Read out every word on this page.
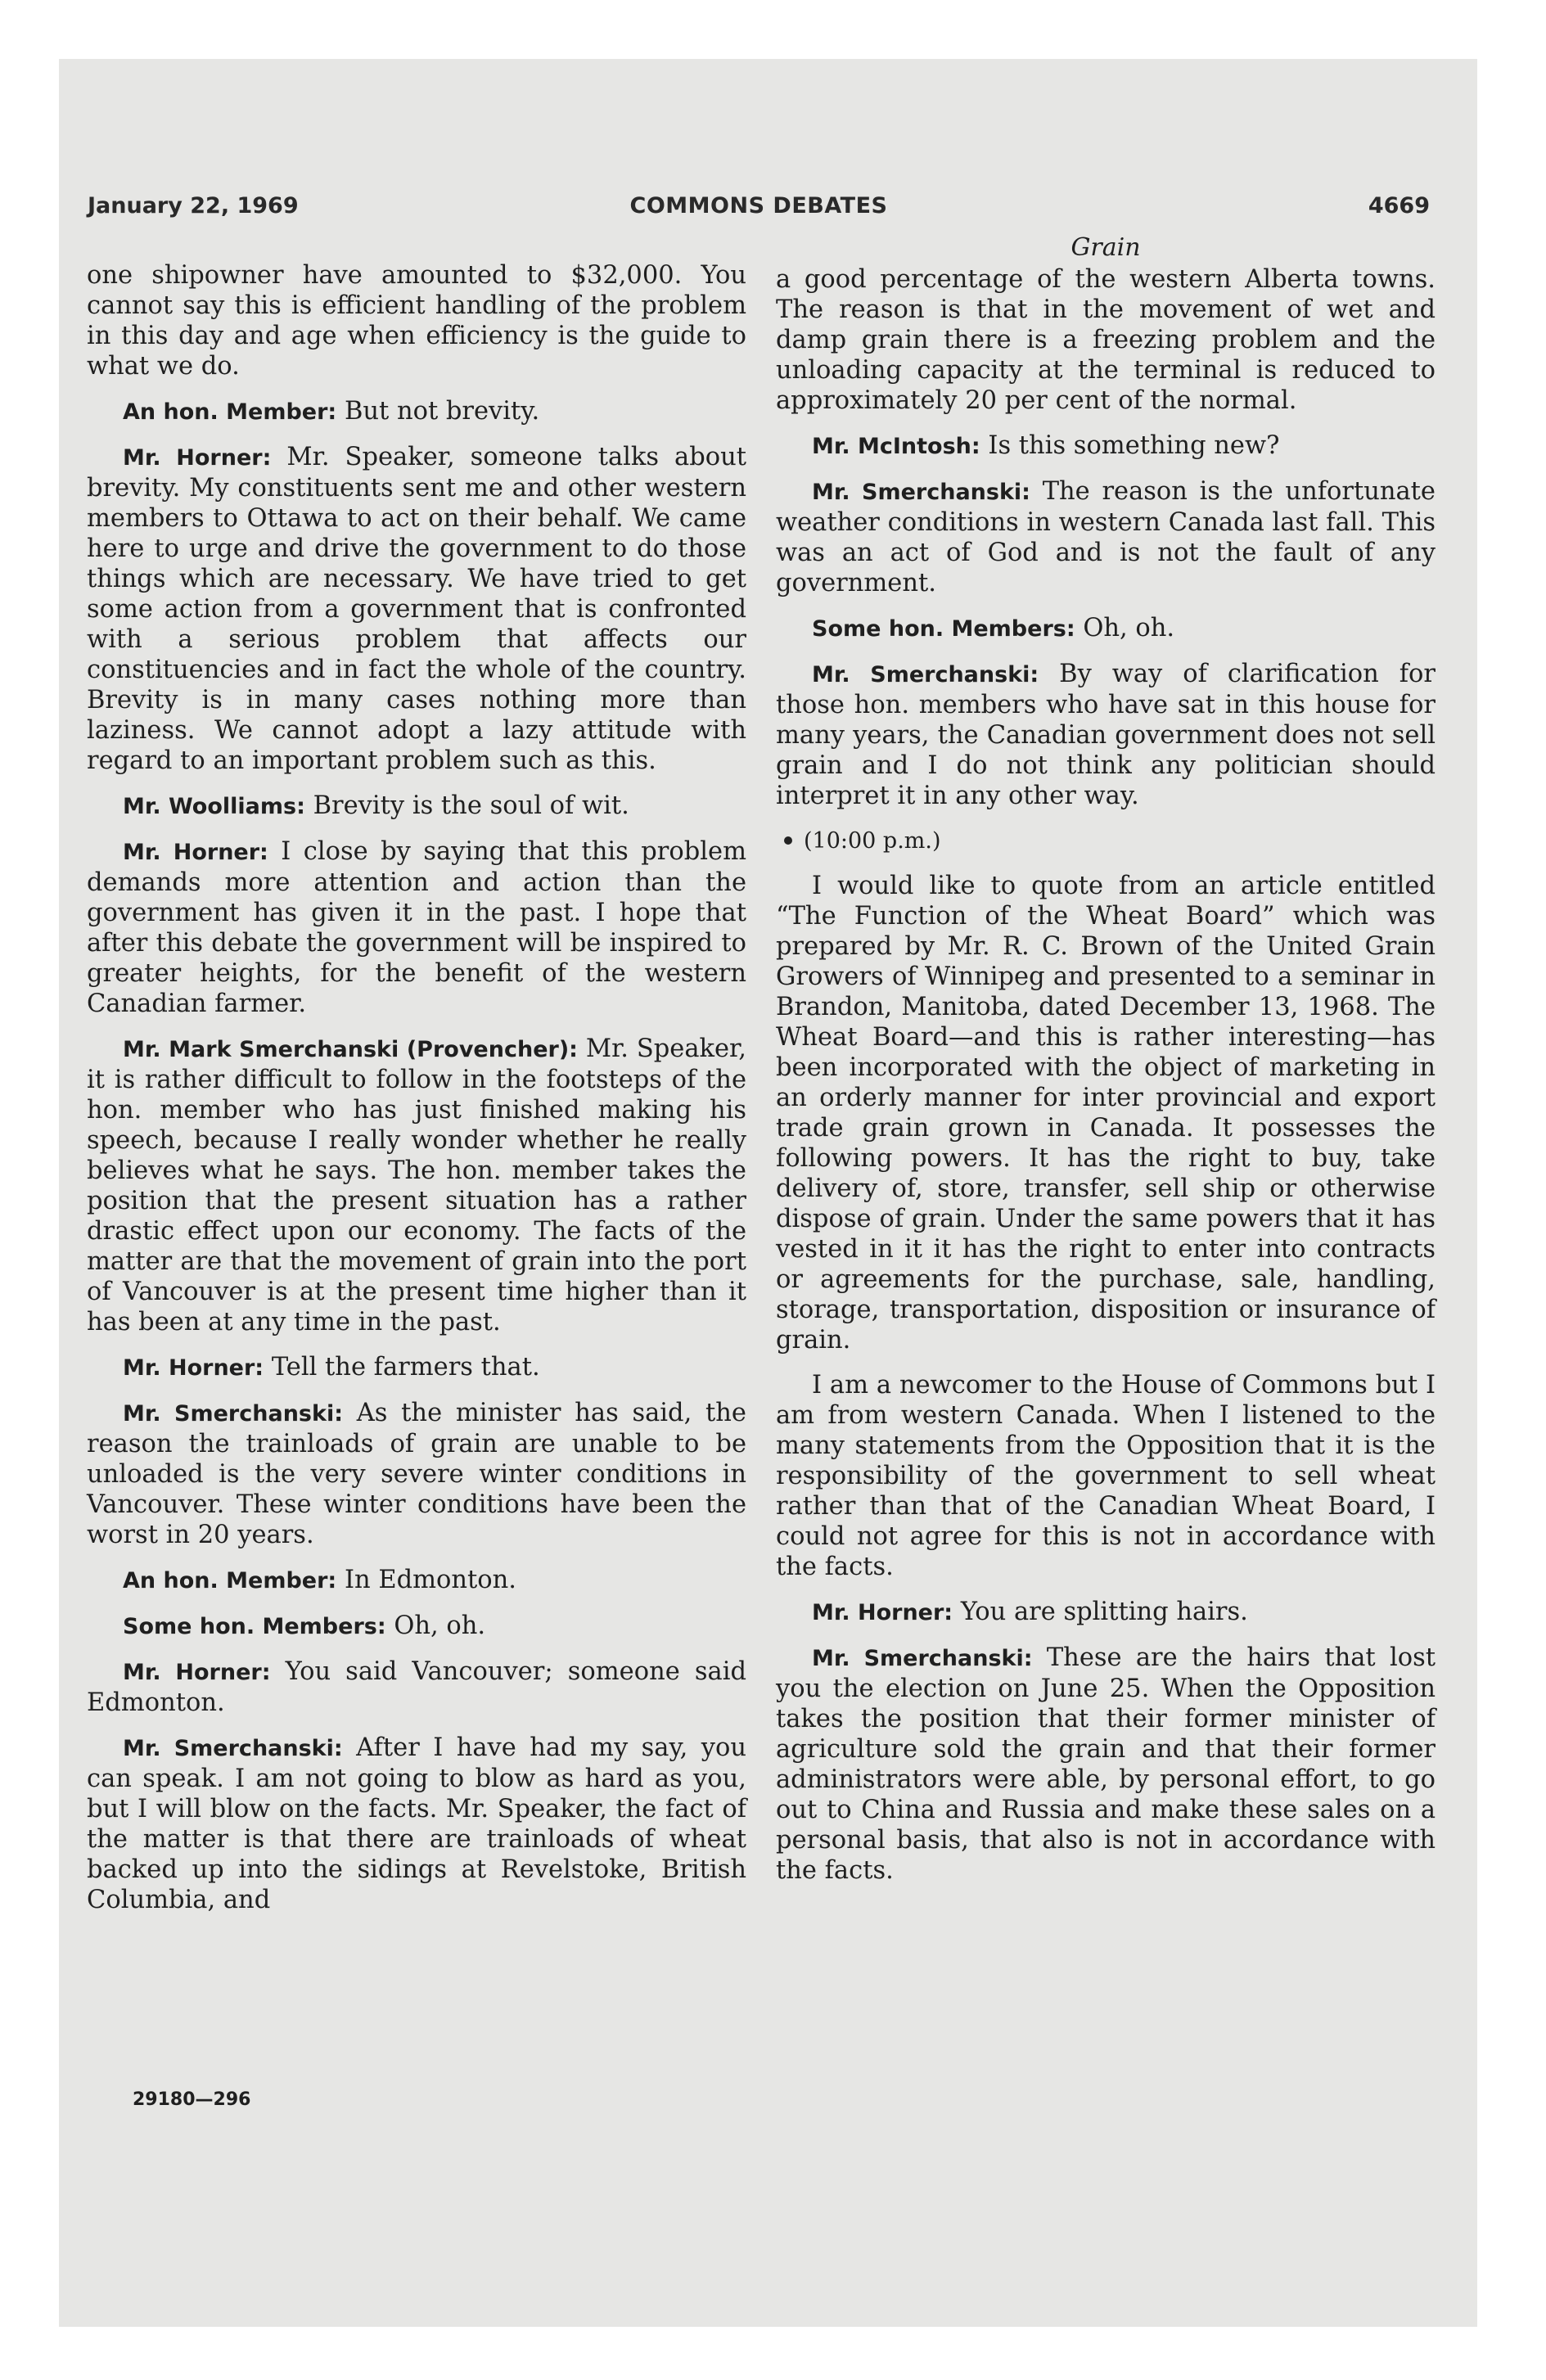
January 22, 1969	COMMONS DEBATES	4669

one shipowner have amounted to $32,000. You cannot say this is efficient handling of the problem in this day and age when efficiency is the guide to what we do.

An hon. Member: But not brevity.

Mr. Horner: Mr. Speaker, someone talks about brevity. My constituents sent me and other western members to Ottawa to act on their behalf. We came here to urge and drive the government to do those things which are necessary. We have tried to get some action from a government that is confronted with a serious problem that affects our constituencies and in fact the whole of the country. Brevity is in many cases nothing more than laziness. We cannot adopt a lazy attitude with regard to an important problem such as this.

Mr. Woolliams: Brevity is the soul of wit.

Mr. Horner: I close by saying that this problem demands more attention and action than the government has given it in the past. I hope that after this debate the government will be inspired to greater heights, for the benefit of the western Canadian farmer.

Mr. Mark Smerchanski (Provencher): Mr. Speaker, it is rather difficult to follow in the footsteps of the hon. member who has just finished making his speech, because I really wonder whether he really believes what he says. The hon. member takes the position that the present situation has a rather drastic effect upon our economy. The facts of the matter are that the movement of grain into the port of Vancouver is at the present time higher than it has been at any time in the past.

Mr. Horner: Tell the farmers that.

Mr. Smerchanski: As the minister has said, the reason the trainloads of grain are unable to be unloaded is the very severe winter conditions in Vancouver. These winter conditions have been the worst in 20 years.

An hon. Member: In Edmonton.

Some hon. Members: Oh, oh.

Mr. Horner: You said Vancouver; someone said Edmonton.

Mr. Smerchanski: After I have had my say, you can speak. I am not going to blow as hard as you, but I will blow on the facts. Mr. Speaker, the fact of the matter is that there are trainloads of wheat backed up into the sidings at Revelstoke, British Columbia, and

Grain

a good percentage of the western Alberta towns. The reason is that in the movement of wet and damp grain there is a freezing problem and the unloading capacity at the terminal is reduced to approximately 20 per cent of the normal.

Mr. McIntosh: Is this something new?

Mr. Smerchanski: The reason is the unfortunate weather conditions in western Canada last fall. This was an act of God and is not the fault of any government.

Some hon. Members: Oh, oh.

Mr. Smerchanski: By way of clarification for those hon. members who have sat in this house for many years, the Canadian government does not sell grain and I do not think any politician should interpret it in any other way.

(10:00 p.m.)

I would like to quote from an article entitled “The Function of the Wheat Board” which was prepared by Mr. R. C. Brown of the United Grain Growers of Winnipeg and presented to a seminar in Brandon, Manitoba, dated December 13, 1968. The Wheat Board—and this is rather interesting—has been incorporated with the object of marketing in an orderly manner for inter provincial and export trade grain grown in Canada. It possesses the following powers. It has the right to buy, take delivery of, store, transfer, sell ship or otherwise dispose of grain. Under the same powers that it has vested in it it has the right to enter into contracts or agreements for the purchase, sale, handling, storage, transportation, disposition or insurance of grain.

I am a newcomer to the House of Commons but I am from western Canada. When I listened to the many statements from the Opposition that it is the responsibility of the government to sell wheat rather than that of the Canadian Wheat Board, I could not agree for this is not in accordance with the facts.

Mr. Horner: You are splitting hairs.

Mr. Smerchanski: These are the hairs that lost you the election on June 25. When the Opposition takes the position that their former minister of agriculture sold the grain and that their former administrators were able, by personal effort, to go out to China and Russia and make these sales on a personal basis, that also is not in accordance with the facts.

29180—296
